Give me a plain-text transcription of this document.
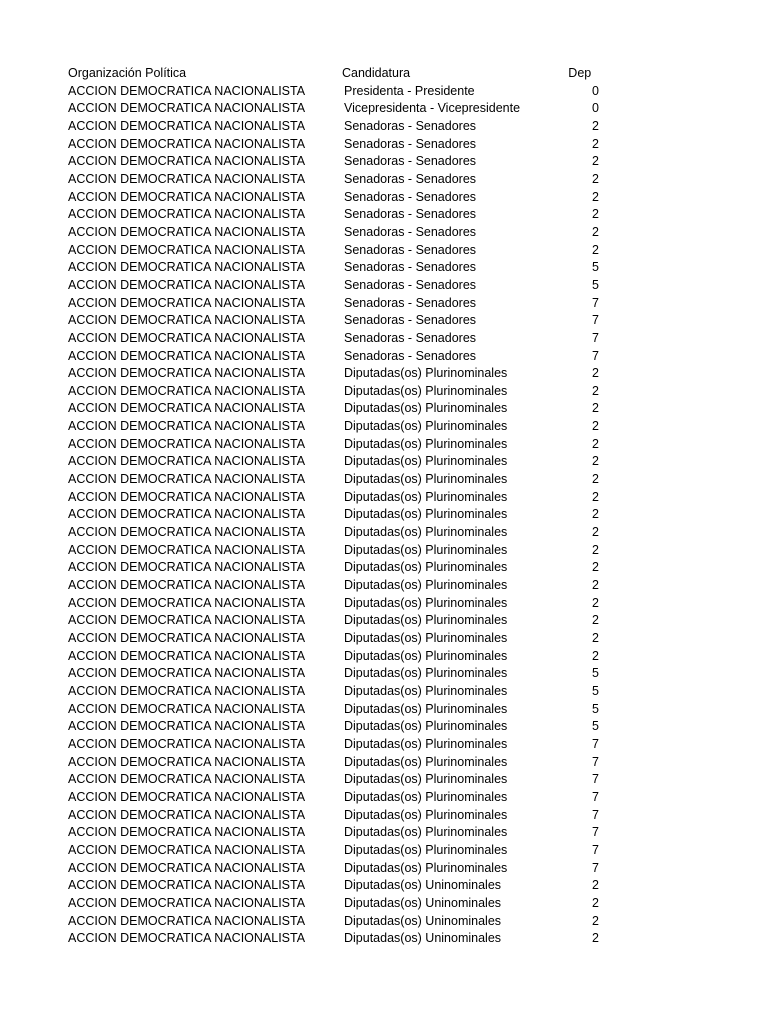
Organización Política	Candidatura	Dep
ACCION DEMOCRATICA NACIONALISTA	Presidenta - Presidente	0
ACCION DEMOCRATICA NACIONALISTA	Vicepresidenta - Vicepresidente	0
ACCION DEMOCRATICA NACIONALISTA	Senadoras - Senadores	2
ACCION DEMOCRATICA NACIONALISTA	Senadoras - Senadores	2
ACCION DEMOCRATICA NACIONALISTA	Senadoras - Senadores	2
ACCION DEMOCRATICA NACIONALISTA	Senadoras - Senadores	2
ACCION DEMOCRATICA NACIONALISTA	Senadoras - Senadores	2
ACCION DEMOCRATICA NACIONALISTA	Senadoras - Senadores	2
ACCION DEMOCRATICA NACIONALISTA	Senadoras - Senadores	2
ACCION DEMOCRATICA NACIONALISTA	Senadoras - Senadores	2
ACCION DEMOCRATICA NACIONALISTA	Senadoras - Senadores	5
ACCION DEMOCRATICA NACIONALISTA	Senadoras - Senadores	5
ACCION DEMOCRATICA NACIONALISTA	Senadoras - Senadores	7
ACCION DEMOCRATICA NACIONALISTA	Senadoras - Senadores	7
ACCION DEMOCRATICA NACIONALISTA	Senadoras - Senadores	7
ACCION DEMOCRATICA NACIONALISTA	Senadoras - Senadores	7
ACCION DEMOCRATICA NACIONALISTA	Diputadas(os) Plurinominales	2
ACCION DEMOCRATICA NACIONALISTA	Diputadas(os) Plurinominales	2
ACCION DEMOCRATICA NACIONALISTA	Diputadas(os) Plurinominales	2
ACCION DEMOCRATICA NACIONALISTA	Diputadas(os) Plurinominales	2
ACCION DEMOCRATICA NACIONALISTA	Diputadas(os) Plurinominales	2
ACCION DEMOCRATICA NACIONALISTA	Diputadas(os) Plurinominales	2
ACCION DEMOCRATICA NACIONALISTA	Diputadas(os) Plurinominales	2
ACCION DEMOCRATICA NACIONALISTA	Diputadas(os) Plurinominales	2
ACCION DEMOCRATICA NACIONALISTA	Diputadas(os) Plurinominales	2
ACCION DEMOCRATICA NACIONALISTA	Diputadas(os) Plurinominales	2
ACCION DEMOCRATICA NACIONALISTA	Diputadas(os) Plurinominales	2
ACCION DEMOCRATICA NACIONALISTA	Diputadas(os) Plurinominales	2
ACCION DEMOCRATICA NACIONALISTA	Diputadas(os) Plurinominales	2
ACCION DEMOCRATICA NACIONALISTA	Diputadas(os) Plurinominales	2
ACCION DEMOCRATICA NACIONALISTA	Diputadas(os) Plurinominales	2
ACCION DEMOCRATICA NACIONALISTA	Diputadas(os) Plurinominales	2
ACCION DEMOCRATICA NACIONALISTA	Diputadas(os) Plurinominales	2
ACCION DEMOCRATICA NACIONALISTA	Diputadas(os) Plurinominales	5
ACCION DEMOCRATICA NACIONALISTA	Diputadas(os) Plurinominales	5
ACCION DEMOCRATICA NACIONALISTA	Diputadas(os) Plurinominales	5
ACCION DEMOCRATICA NACIONALISTA	Diputadas(os) Plurinominales	5
ACCION DEMOCRATICA NACIONALISTA	Diputadas(os) Plurinominales	7
ACCION DEMOCRATICA NACIONALISTA	Diputadas(os) Plurinominales	7
ACCION DEMOCRATICA NACIONALISTA	Diputadas(os) Plurinominales	7
ACCION DEMOCRATICA NACIONALISTA	Diputadas(os) Plurinominales	7
ACCION DEMOCRATICA NACIONALISTA	Diputadas(os) Plurinominales	7
ACCION DEMOCRATICA NACIONALISTA	Diputadas(os) Plurinominales	7
ACCION DEMOCRATICA NACIONALISTA	Diputadas(os) Plurinominales	7
ACCION DEMOCRATICA NACIONALISTA	Diputadas(os) Plurinominales	7
ACCION DEMOCRATICA NACIONALISTA	Diputadas(os) Uninominales	2
ACCION DEMOCRATICA NACIONALISTA	Diputadas(os) Uninominales	2
ACCION DEMOCRATICA NACIONALISTA	Diputadas(os) Uninominales	2
ACCION DEMOCRATICA NACIONALISTA	Diputadas(os) Uninominales	2
